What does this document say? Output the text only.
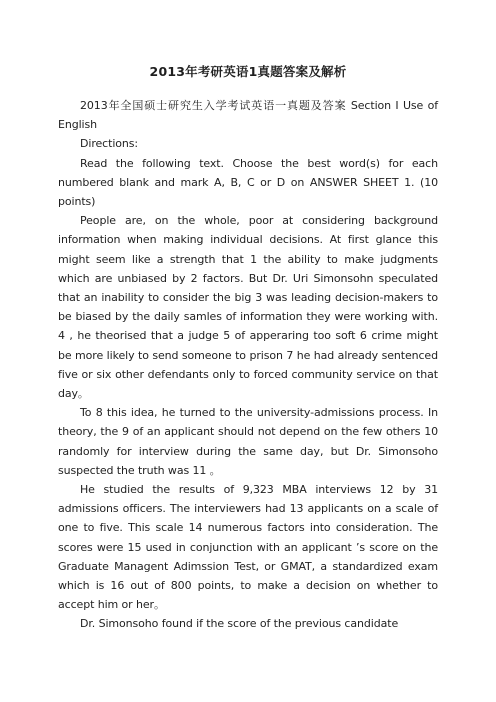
2013年考研英语1真题答案及解析

2013年全国硕士研究生入学考试英语一真题及答案 Section I Use of English

Directions:

Read the following text. Choose the best word(s) for each numbered blank and mark A, B, C or D on ANSWER SHEET 1. (10 points)

People are, on the whole, poor at considering background information when making individual decisions. At first glance this might seem like a strength that 1 the ability to make judgments which are unbiased by 2 factors. But Dr. Uri Simonsohn speculated that an inability to consider the big 3 was leading decision-makers to be biased by the daily samles of information they were working with. 4 , he theorised that a judge 5 of apperaring too soft 6 crime might be more likely to send someone to prison 7 he had already sentenced five or six other defendants only to forced community service on that day。

To 8 this idea, he turned to the university-admissions process. In theory, the 9 of an applicant should not depend on the few others 10 randomly for interview during the same day, but Dr. Simonsoho suspected the truth was 11 。

He studied the results of 9,323 MBA interviews 12 by 31 admissions officers. The interviewers had 13 applicants on a scale of one to five. This scale 14 numerous factors into consideration. The scores were 15 used in conjunction with an applicant ’s score on the Graduate Managent Adimssion Test, or GMAT, a standardized exam which is 16 out of 800 points, to make a decision on whether to accept him or her。

Dr. Simonsoho found if the score of the previous candidate
